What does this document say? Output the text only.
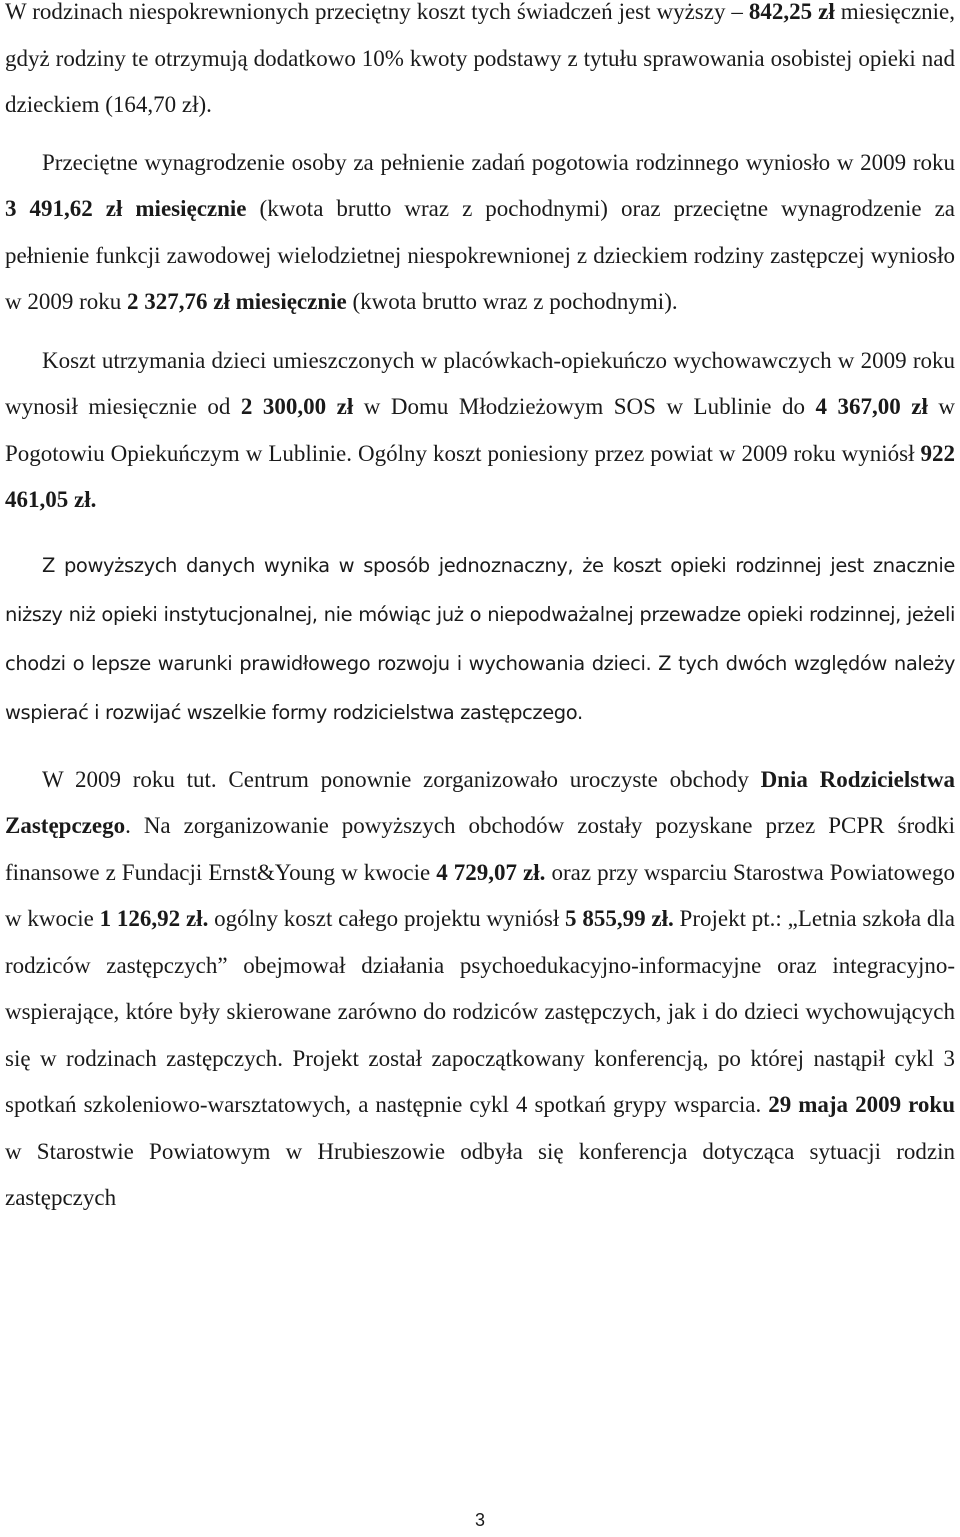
W rodzinach niespokrewnionych przeciętny koszt tych świadczeń jest wyższy – 842,25 zł miesięcznie, gdyż rodziny te otrzymują dodatkowo 10% kwoty podstawy z tytułu sprawowania osobistej opieki nad dzieckiem (164,70 zł).

Przeciętne wynagrodzenie osoby za pełnienie zadań pogotowia rodzinnego wyniosło w 2009 roku 3 491,62 zł miesięcznie (kwota brutto wraz z pochodnymi) oraz przeciętne wynagrodzenie za pełnienie funkcji zawodowej wielodzietnej niespokrewnionej z dzieckiem rodziny zastępczej wyniosło w 2009 roku 2 327,76 zł miesięcznie (kwota brutto wraz z pochodnymi).

Koszt utrzymania dzieci umieszczonych w placówkach-opiekuńczo wychowawczych w 2009 roku wynosił miesięcznie od 2 300,00 zł w Domu Młodzieżowym SOS w Lublinie do 4 367,00 zł w Pogotowiu Opiekuńczym w Lublinie. Ogólny koszt poniesiony przez powiat w 2009 roku wyniósł 922 461,05 zł.

Z powyższych danych wynika w sposób jednoznaczny, że koszt opieki rodzinnej jest znacznie niższy niż opieki instytucjonalnej, nie mówiąc już o niepodważalnej przewadze opieki rodzinnej, jeżeli chodzi o lepsze warunki prawidłowego rozwoju i wychowania dzieci. Z tych dwóch względów należy wspierać i rozwijać wszelkie formy rodzicielstwa zastępczego.

W 2009 roku tut. Centrum ponownie zorganizowało uroczyste obchody Dnia Rodzicielstwa Zastępczego. Na zorganizowanie powyższych obchodów zostały pozyskane przez PCPR środki finansowe z Fundacji Ernst&Young w kwocie 4 729,07 zł. oraz przy wsparciu Starostwa Powiatowego w kwocie 1 126,92 zł. ogólny koszt całego projektu wyniósł 5 855,99 zł. Projekt pt.: „Letnia szkoła dla rodziców zastępczych” obejmował działania psychoedukacyjno-informacyjne oraz integracyjno-wspierające, które były skierowane zarówno do rodziców zastępczych, jak i do dzieci wychowujących się w rodzinach zastępczych. Projekt został zapoczątkowany konferencją, po której nastąpił cykl 3 spotkań szkoleniowo-warsztatowych, a następnie cykl 4 spotkań grypy wsparcia. 29 maja 2009 roku w Starostwie Powiatowym w Hrubieszowie odbyła się konferencja dotycząca sytuacji rodzin zastępczych

3
